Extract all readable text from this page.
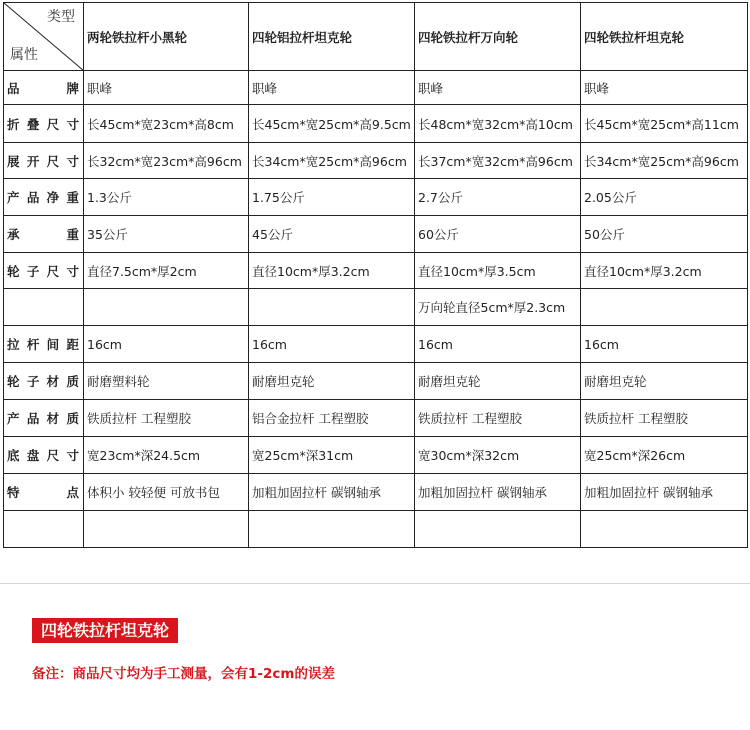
类型
属性	两轮铁拉杆小黑轮	四轮铝拉杆坦克轮	四轮铁拉杆万向轮	四轮铁拉杆坦克轮
品牌	职峰	职峰	职峰	职峰
折叠尺寸	长45cm*宽23cm*高8cm	长45cm*宽25cm*高9.5cm	长48cm*宽32cm*高10cm	长45cm*宽25cm*高11cm
展开尺寸	长32cm*宽23cm*高96cm	长34cm*宽25cm*高96cm	长37cm*宽32cm*高96cm	长34cm*宽25cm*高96cm
产品净重	1.3公斤	1.75公斤	2.7公斤	2.05公斤
承重	35公斤	45公斤	60公斤	50公斤
轮子尺寸	直径7.5cm*厚2cm	直径10cm*厚3.2cm	直径10cm*厚3.5cm	直径10cm*厚3.2cm
			万向轮直径5cm*厚2.3cm	
拉杆间距	16cm	16cm	16cm	16cm
轮子材质	耐磨塑料轮	耐磨坦克轮	耐磨坦克轮	耐磨坦克轮
产品材质	铁质拉杆 工程塑胶	铝合金拉杆 工程塑胶	铁质拉杆 工程塑胶	铁质拉杆 工程塑胶
底盘尺寸	宽23cm*深24.5cm	宽25cm*深31cm	宽30cm*深32cm	宽25cm*深26cm
特点	体积小 较轻便 可放书包	加粗加固拉杆 碳钢轴承	加粗加固拉杆 碳钢轴承	加粗加固拉杆 碳钢轴承

四轮铁拉杆坦克轮
备注：商品尺寸均为手工测量，会有1-2cm的误差
